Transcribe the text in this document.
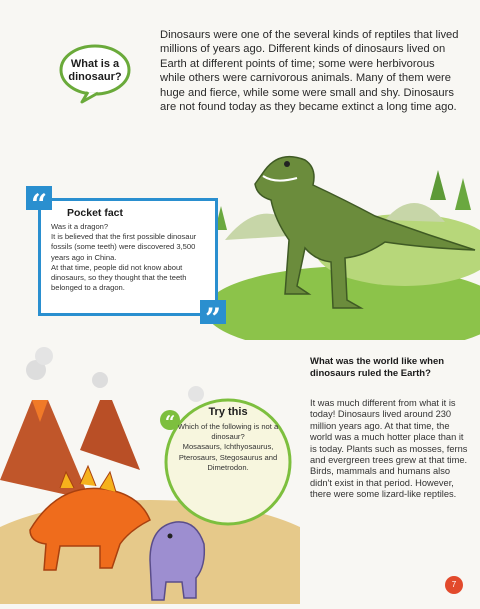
What is a dinosaur?
Dinosaurs were one of the several kinds of reptiles that lived millions of years ago. Different kinds of dinosaurs lived on Earth at different points of time; some were herbivorous while others were carnivorous animals. Many of them were huge and fierce, while some were small and shy. Dinosaurs are not found today as they became extinct a long time ago.
Pocket fact
Was it a dragon?
It is believed that the first possible dinosaur fossils (some teeth) were discovered 3,500 years ago in China.
At that time, people did not know about dinosaurs, so they thought that the teeth belonged to a dragon.
“
”
Try this
Which of the following is not a dinosaur?
Mosasaurs, Ichthyosaurus, Pterosaurs, Stegosaurus and Dimetrodon.
“
What was the world like when dinosaurs ruled the Earth?
It was much different from what it is today! Dinosaurs lived around 230 million years ago. At that time, the world was a much hotter place than it is today. Plants such as mosses, ferns and evergreen trees grew at that time. Birds, mammals and humans also didn't exist in that period. However, there were some lizard-like reptiles.
7
